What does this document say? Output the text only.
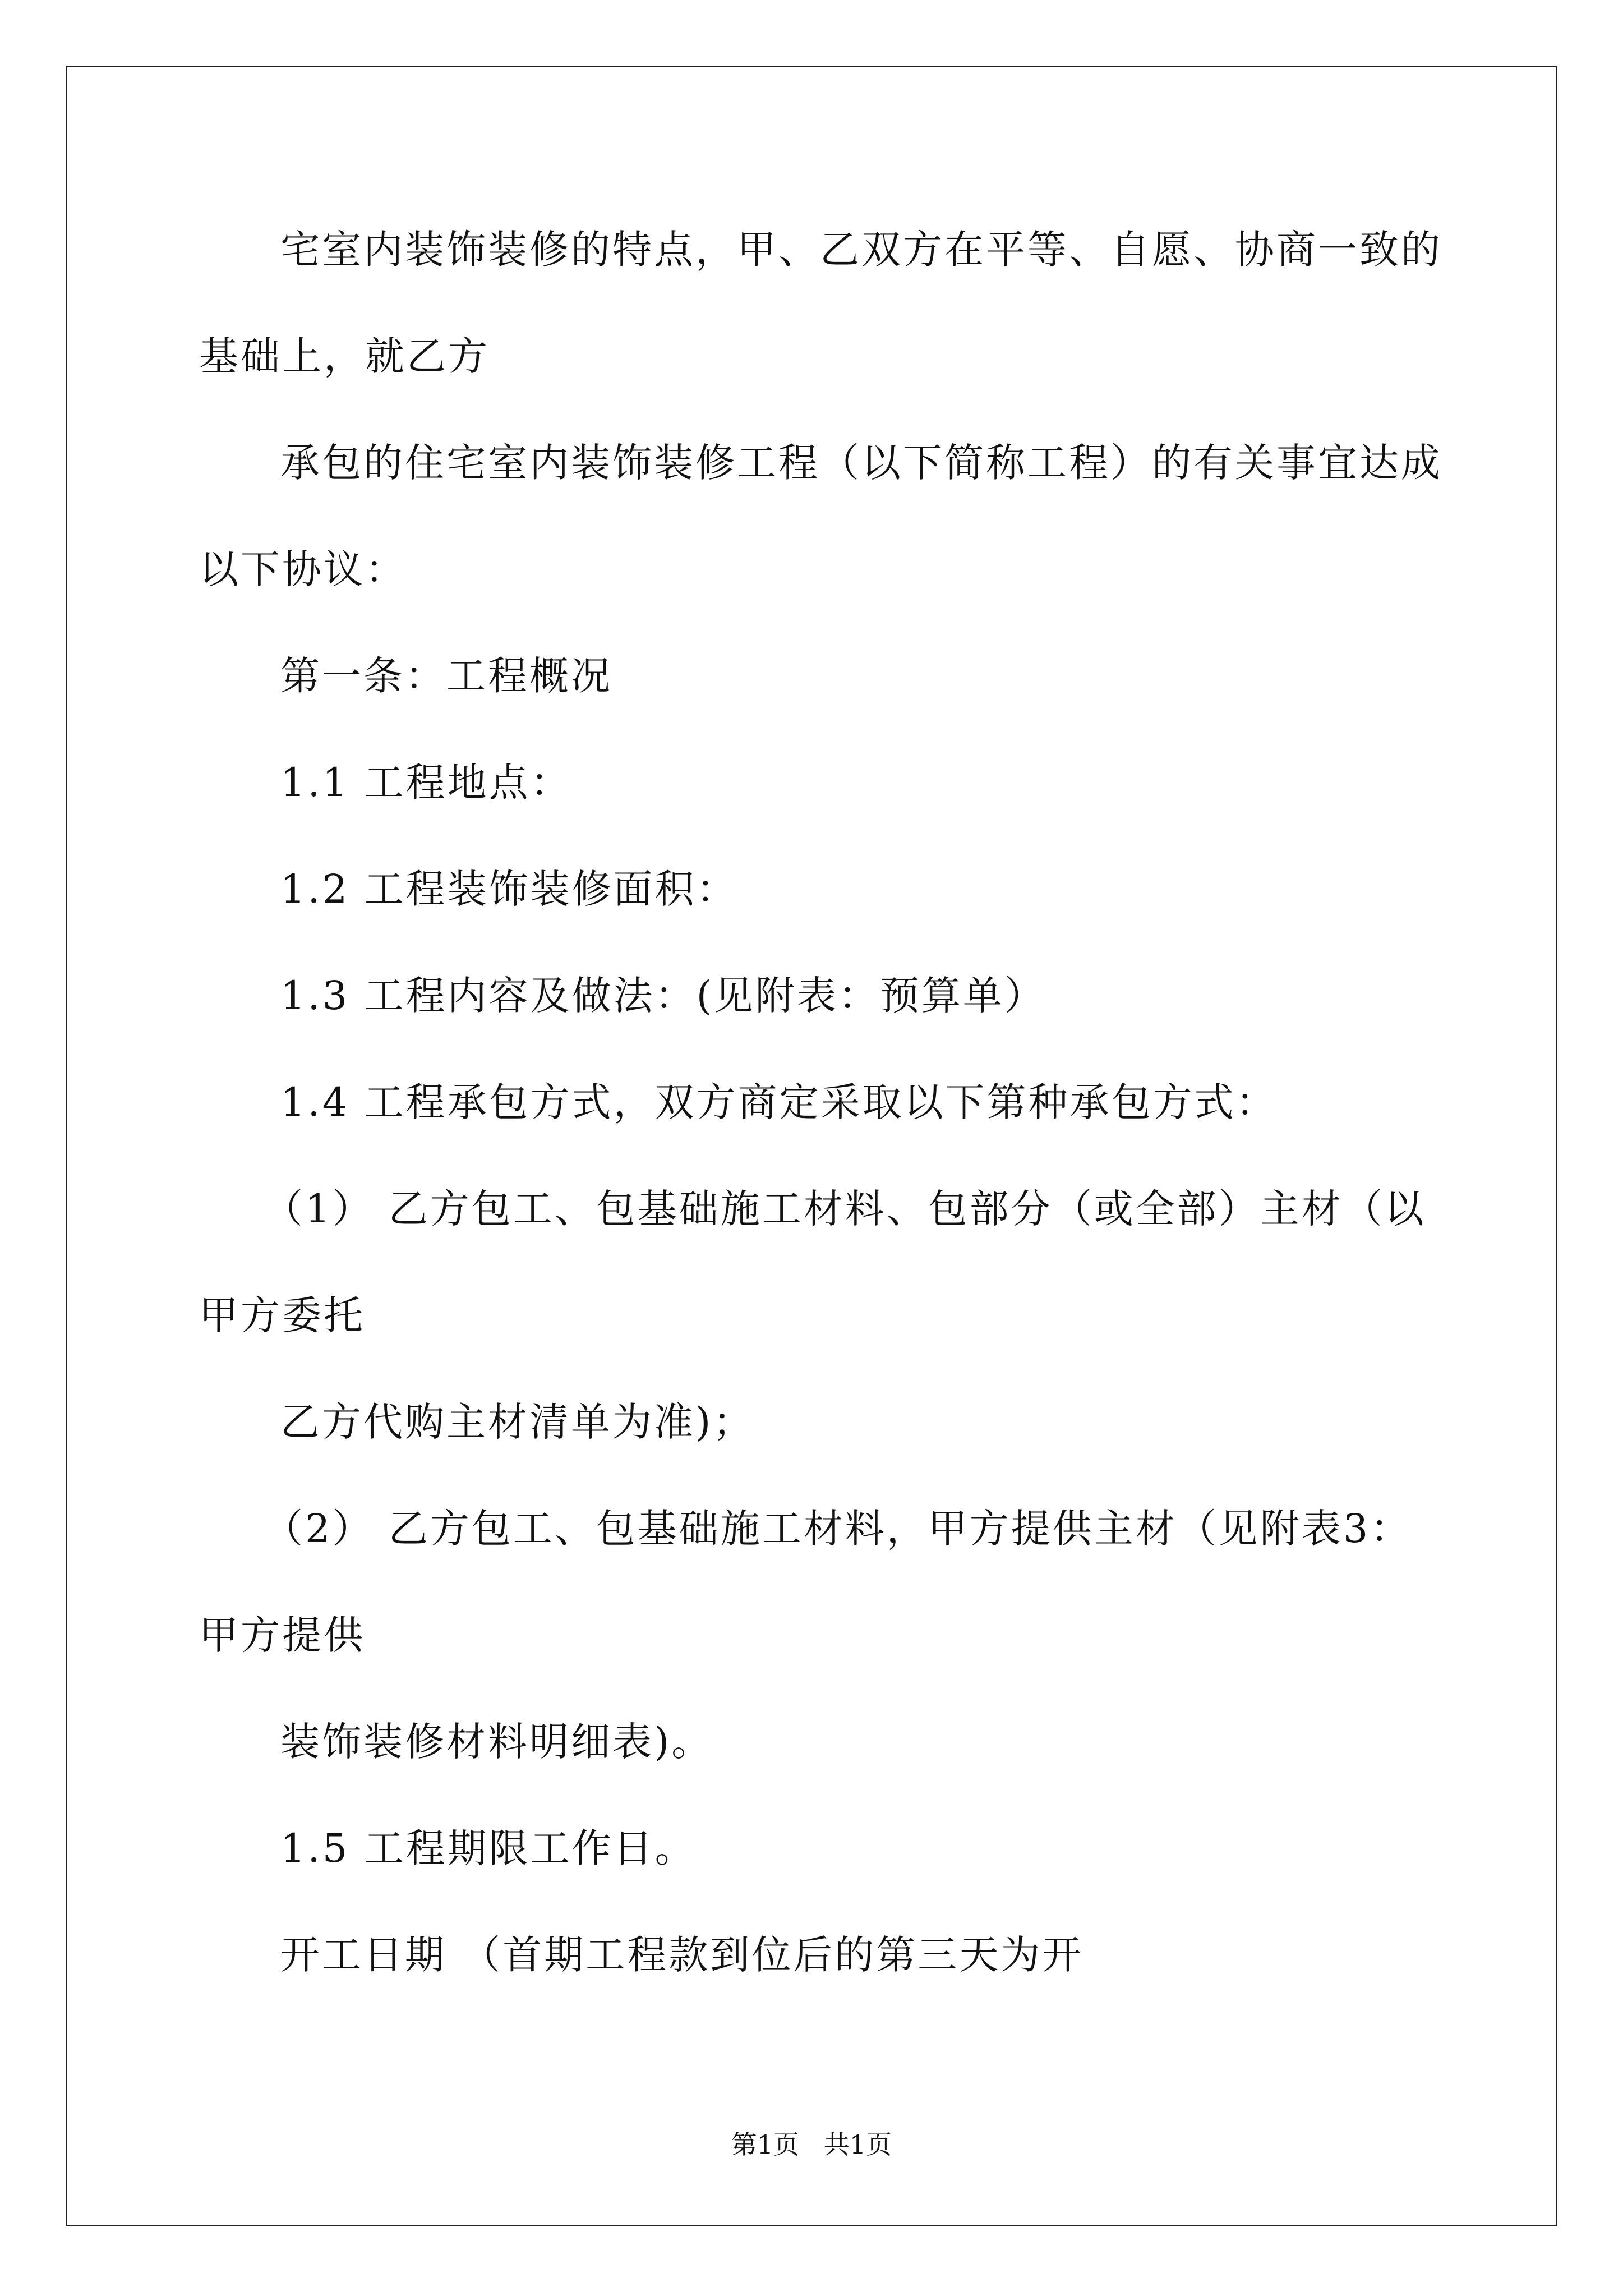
宅室内装饰装修的特点，甲、乙双方在平等、自愿、协商一致的
基础上，就乙方
承包的住宅室内装饰装修工程（以下简称工程）的有关事宜达成
以下协议：
第一条：工程概况
1.1 工程地点：
1.2 工程装饰装修面积：
1.3 工程内容及做法：(见附表：预算单）
1.4 工程承包方式，双方商定采取以下第种承包方式：
（1） 乙方包工、包基础施工材料、包部分（或全部）主材（以
甲方委托
乙方代购主材清单为准)；
（2） 乙方包工、包基础施工材料，甲方提供主材（见附表3：
甲方提供
装饰装修材料明细表)。
1.5 工程期限工作日。
开工日期 （首期工程款到位后的第三天为开
第1页   共1页
